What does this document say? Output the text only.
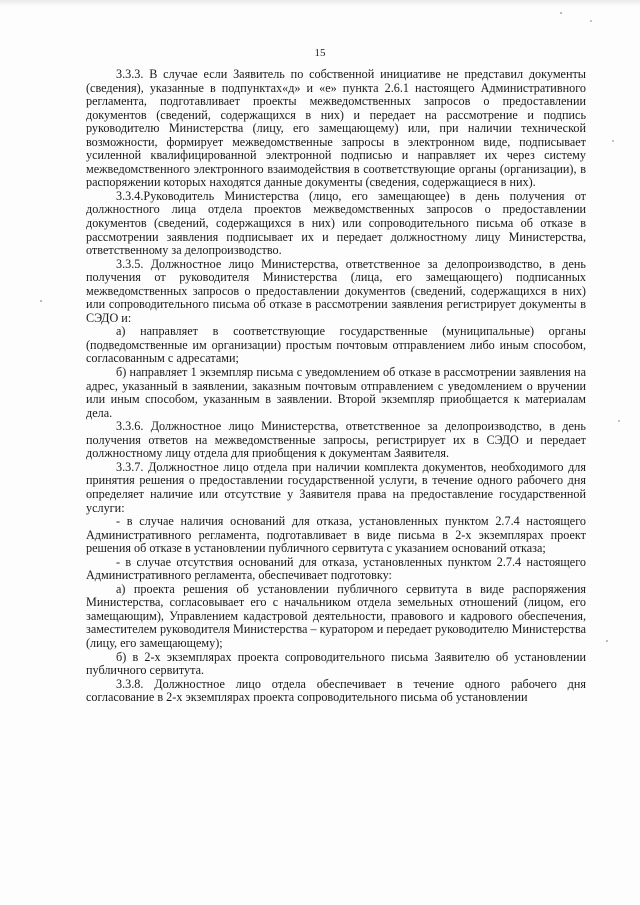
15

3.3.3. В случае если Заявитель по собственной инициативе не представил документы (сведения), указанные в подпунктах«д» и «е» пункта 2.6.1 настоящего Административного регламента, подготавливает проекты межведомственных запросов о предоставлении документов (сведений, содержащихся в них) и передает на рассмотрение и подпись руководителю Министерства (лицу, его замещающему) или, при наличии технической возможности, формирует межведомственные запросы в электронном виде, подписывает усиленной квалифицированной электронной подписью и направляет их через систему межведомственного электронного взаимодействия в соответствующие органы (организации), в распоряжении которых находятся данные документы (сведения, содержащиеся в них).

3.3.4.Руководитель Министерства (лицо, его замещающее) в день получения от должностного лица отдела проектов межведомственных запросов о предоставлении документов (сведений, содержащихся в них) или сопроводительного письма об отказе в рассмотрении заявления подписывает их и передает должностному лицу Министерства, ответственному за делопроизводство.

3.3.5. Должностное лицо Министерства, ответственное за делопроизводство, в день получения от руководителя Министерства (лица, его замещающего) подписанных межведомственных запросов о предоставлении документов (сведений, содержащихся в них) или сопроводительного письма об отказе в рассмотрении заявления регистрирует документы в СЭДО и:

а) направляет в соответствующие государственные (муниципальные) органы (подведомственные им организации) простым почтовым отправлением либо иным способом, согласованным с адресатами;

б) направляет 1 экземпляр письма с уведомлением об отказе в рассмотрении заявления на адрес, указанный в заявлении, заказным почтовым отправлением с уведомлением о вручении или иным способом, указанным в заявлении. Второй экземпляр приобщается к материалам дела.

3.3.6. Должностное лицо Министерства, ответственное за делопроизводство, в день получения ответов на межведомственные запросы, регистрирует их в СЭДО и передает должностному лицу отдела для приобщения к документам Заявителя.

3.3.7. Должностное лицо отдела при наличии комплекта документов, необходимого для принятия решения о предоставлении государственной услуги, в течение одного рабочего дня определяет наличие или отсутствие у Заявителя права на предоставление государственной услуги:

- в случае наличия оснований для отказа, установленных пунктом 2.7.4 настоящего Административного регламента, подготавливает в виде письма в 2-х экземплярах проект решения об отказе в установлении публичного сервитута с указанием оснований отказа;

- в случае отсутствия оснований для отказа, установленных пунктом 2.7.4 настоящего Административного регламента, обеспечивает подготовку:

а) проекта решения об установлении публичного сервитута в виде распоряжения Министерства, согласовывает его с начальником отдела земельных отношений (лицом, его замещающим), Управлением кадастровой деятельности, правового и кадрового обеспечения, заместителем руководителя Министерства – куратором и передает руководителю Министерства (лицу, его замещающему);

б) в 2-х экземплярах проекта сопроводительного письма Заявителю об установлении публичного сервитута.

3.3.8. Должностное лицо отдела обеспечивает в течение одного рабочего дня согласование в 2-х экземплярах проекта сопроводительного письма об установлении
